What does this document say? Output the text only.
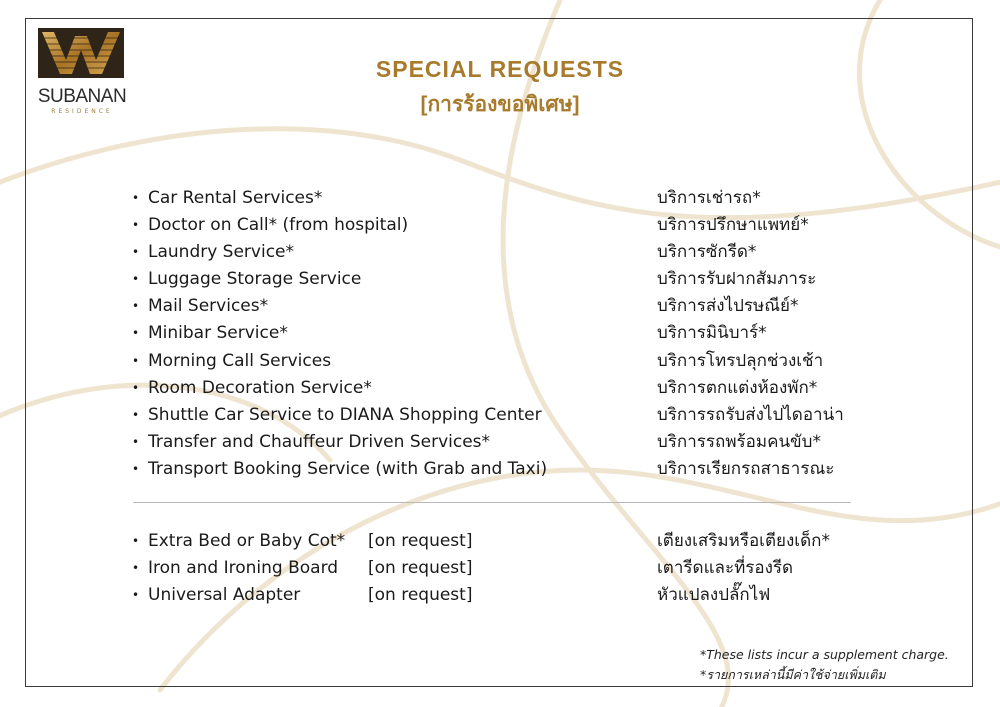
SUBANAN
RESIDENCE
SPECIAL REQUESTS
[การร้องขอพิเศษ]
• Car Rental Services*	บริการเช่ารถ*
• Doctor on Call* (from hospital)	บริการปรึกษาแพทย์*
• Laundry Service*	บริการซักรีด*
• Luggage Storage Service	บริการรับฝากสัมภาระ
• Mail Services*	บริการส่งไปรษณีย์*
• Minibar Service*	บริการมินิบาร์*
• Morning Call Services	บริการโทรปลุกช่วงเช้า
• Room Decoration Service*	บริการตกแต่งห้องพัก*
• Shuttle Car Service to DIANA Shopping Center	บริการรถรับส่งไปไดอาน่า
• Transfer and Chauffeur Driven Services*	บริการรถพร้อมคนขับ*
• Transport Booking Service (with Grab and Taxi)	บริการเรียกรถสาธารณะ
• Extra Bed or Baby Cot* [on request]	เตียงเสริมหรือเตียงเด็ก*
• Iron and Ironing Board [on request]	เตารีดและที่รองรีด
• Universal Adapter	[on request]	หัวแปลงปลั๊กไฟ
*These lists incur a supplement charge.
*รายการเหล่านี้มีค่าใช้จ่ายเพิ่มเติม
